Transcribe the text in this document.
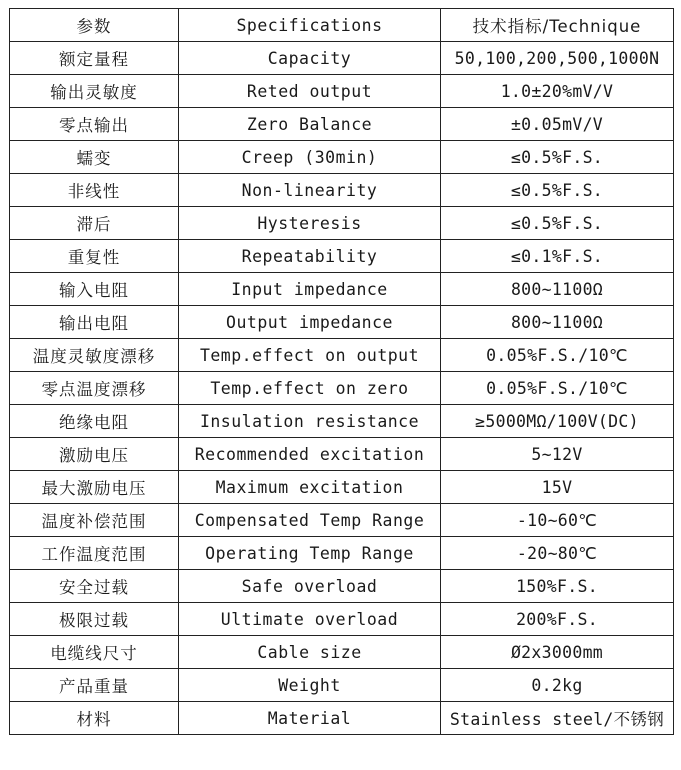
参数	Specifications	技术指标/Technique
额定量程	Capacity	50,100,200,500,1000N
输出灵敏度	Reted output	1.0±20%mV/V
零点输出	Zero Balance	±0.05mV/V
蠕变	Creep (30min)	≤0.5%F.S.
非线性	Non-linearity	≤0.5%F.S.
滞后	Hysteresis	≤0.5%F.S.
重复性	Repeatability	≤0.1%F.S.
输入电阻	Input impedance	800~1100Ω
输出电阻	Output impedance	800~1100Ω
温度灵敏度漂移	Temp.effect on output	0.05%F.S./10℃
零点温度漂移	Temp.effect on zero	0.05%F.S./10℃
绝缘电阻	Insulation resistance	≥5000MΩ/100V(DC)
激励电压	Recommended excitation	5~12V
最大激励电压	Maximum excitation	15V
温度补偿范围	Compensated Temp Range	-10~60℃
工作温度范围	Operating Temp Range	-20~80℃
安全过载	Safe overload	150%F.S.
极限过载	Ultimate overload	200%F.S.
电缆线尺寸	Cable size	Ø2x3000mm
产品重量	Weight	0.2kg
材料	Material	Stainless steel/不锈钢
